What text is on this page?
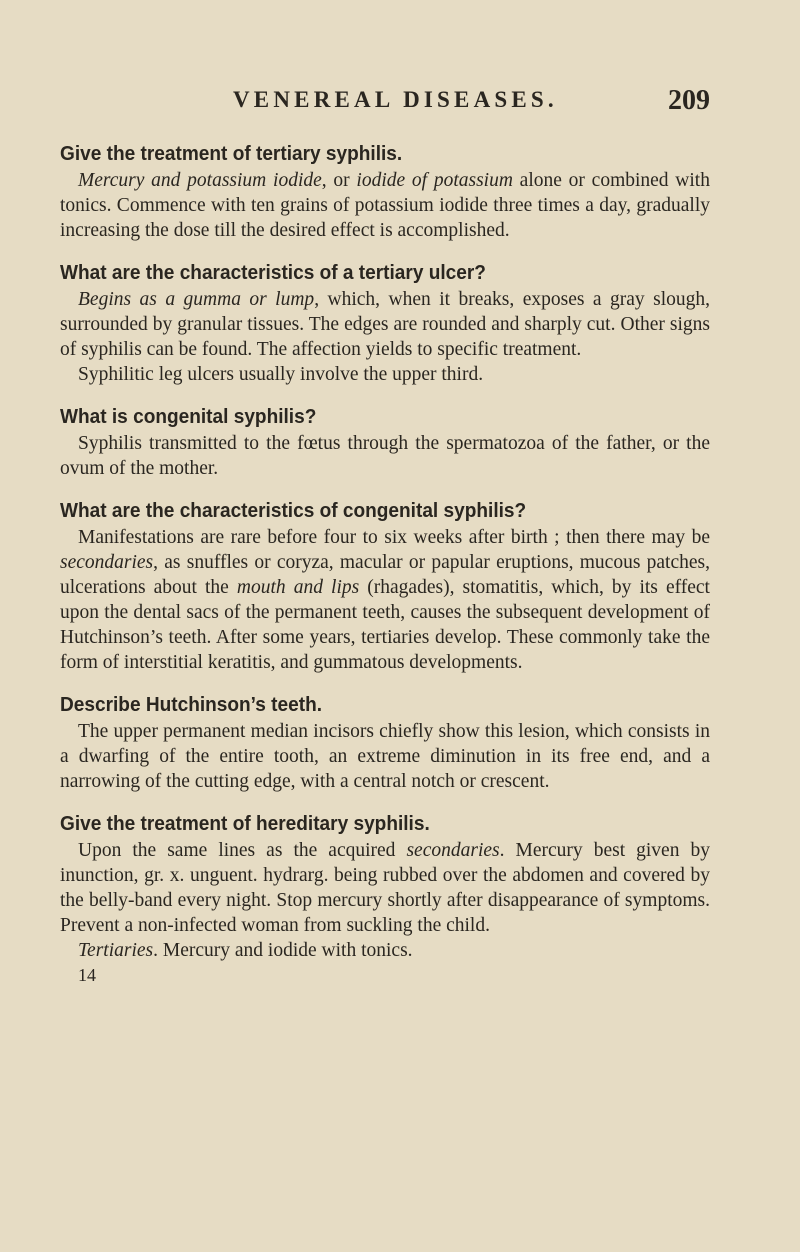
VENEREAL DISEASES.	209

Give the treatment of tertiary syphilis.

Mercury and potassium iodide, or iodide of potassium alone or combined with tonics. Commence with ten grains of potassium iodide three times a day, gradually increasing the dose till the desired effect is accomplished.

What are the characteristics of a tertiary ulcer?

Begins as a gumma or lump, which, when it breaks, exposes a gray slough, surrounded by granular tissues. The edges are rounded and sharply cut. Other signs of syphilis can be found. The affection yields to specific treatment.

Syphilitic leg ulcers usually involve the upper third.

What is congenital syphilis?

Syphilis transmitted to the fœtus through the spermatozoa of the father, or the ovum of the mother.

What are the characteristics of congenital syphilis?

Manifestations are rare before four to six weeks after birth ; then there may be secondaries, as snuffles or coryza, macular or papular eruptions, mucous patches, ulcerations about the mouth and lips (rhagades), stomatitis, which, by its effect upon the dental sacs of the permanent teeth, causes the subsequent development of Hutchinson’s teeth. After some years, tertiaries develop. These commonly take the form of interstitial keratitis, and gummatous developments.

Describe Hutchinson’s teeth.

The upper permanent median incisors chiefly show this lesion, which consists in a dwarfing of the entire tooth, an extreme diminution in its free end, and a narrowing of the cutting edge, with a central notch or crescent.

Give the treatment of hereditary syphilis.

Upon the same lines as the acquired secondaries. Mercury best given by inunction, gr. x. unguent. hydrarg. being rubbed over the abdomen and covered by the belly-band every night. Stop mercury shortly after disappearance of symptoms. Prevent a non-infected woman from suckling the child.

Tertiaries. Mercury and iodide with tonics.

14
